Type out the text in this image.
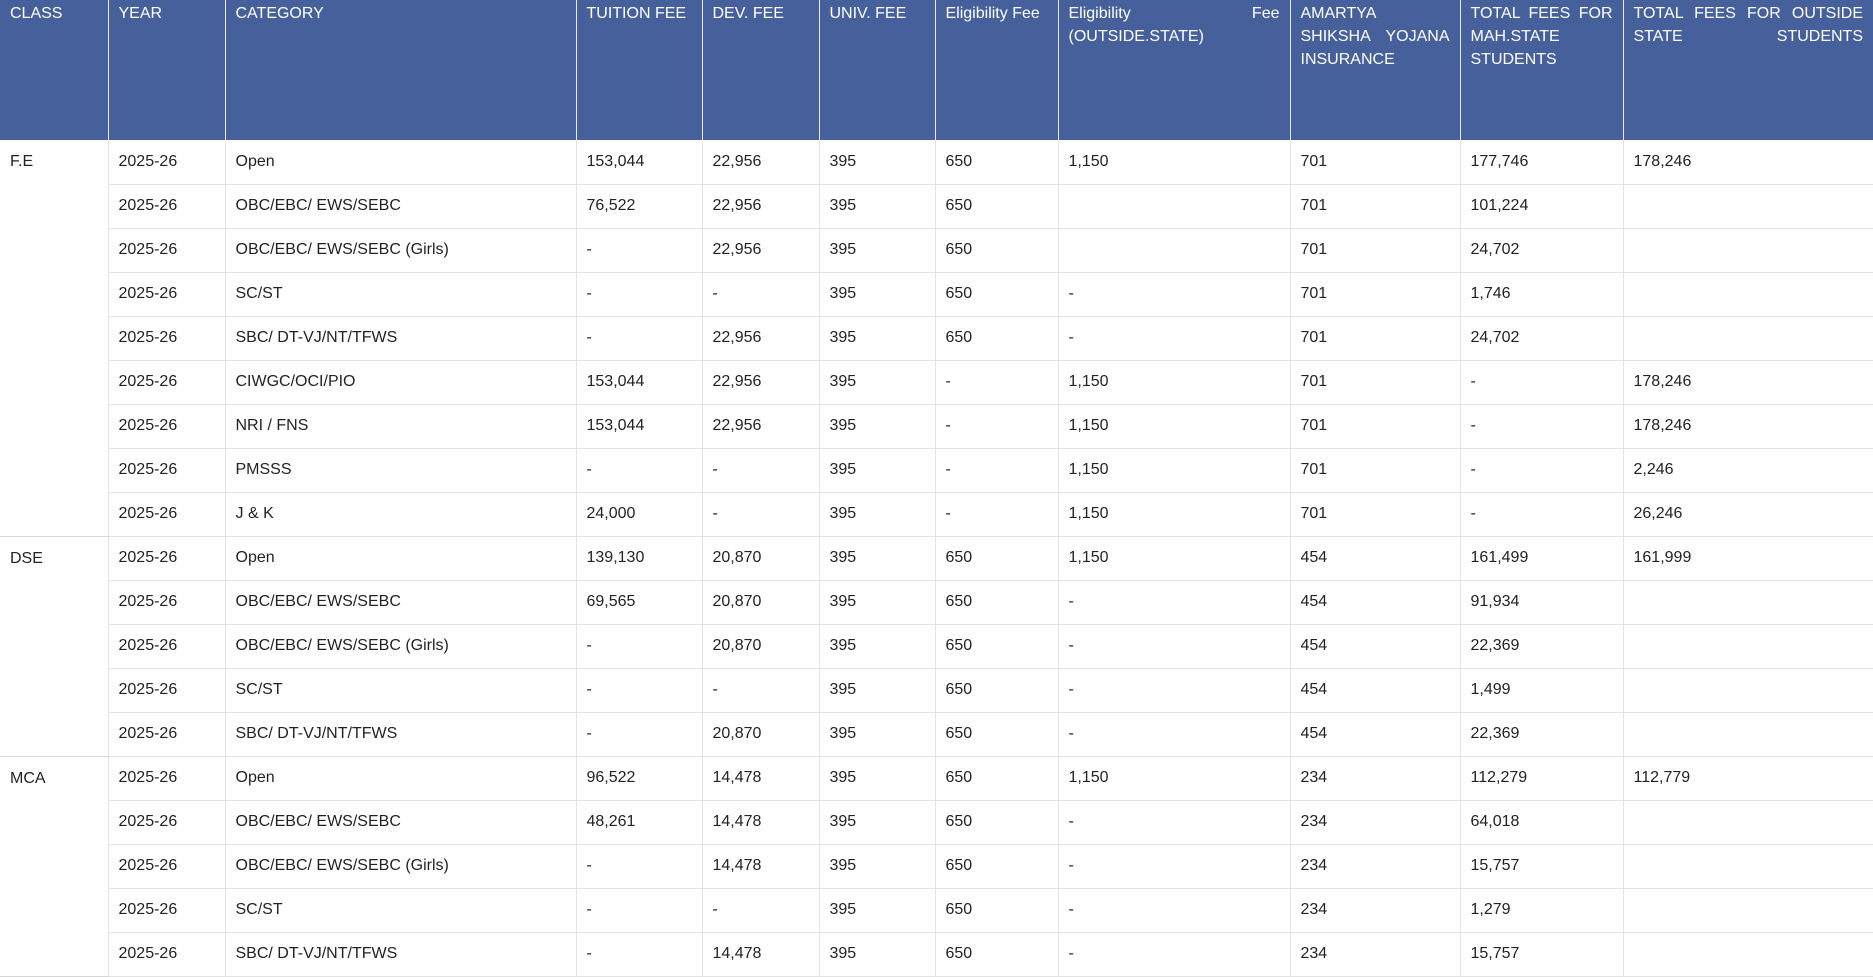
CLASS	YEAR	CATEGORY	TUITION FEE	DEV. FEE	UNIV. FEE	Eligibility Fee	Eligibility Fee (OUTSIDE.STATE)	AMARTYA SHIKSHA YOJANA INSURANCE	TOTAL FEES FOR MAH.STATE STUDENTS	TOTAL FEES FOR OUTSIDE STATE STUDENTS
F.E	2025-26	Open	153,044	22,956	395	650	1,150	701	177,746	178,246
	2025-26	OBC/EBC/ EWS/SEBC	76,522	22,956	395	650		701	101,224	
	2025-26	OBC/EBC/ EWS/SEBC (Girls)	-	22,956	395	650		701	24,702	
	2025-26	SC/ST	-	-	395	650	-	701	1,746	
	2025-26	SBC/ DT-VJ/NT/TFWS	-	22,956	395	650	-	701	24,702	
	2025-26	CIWGC/OCI/PIO	153,044	22,956	395	-	1,150	701	-	178,246
	2025-26	NRI / FNS	153,044	22,956	395	-	1,150	701	-	178,246
	2025-26	PMSSS	-	-	395	-	1,150	701	-	2,246
	2025-26	J & K	24,000	-	395	-	1,150	701	-	26,246
DSE	2025-26	Open	139,130	20,870	395	650	1,150	454	161,499	161,999
	2025-26	OBC/EBC/ EWS/SEBC	69,565	20,870	395	650	-	454	91,934	
	2025-26	OBC/EBC/ EWS/SEBC (Girls)	-	20,870	395	650	-	454	22,369	
	2025-26	SC/ST	-	-	395	650	-	454	1,499	
	2025-26	SBC/ DT-VJ/NT/TFWS	-	20,870	395	650	-	454	22,369	
MCA	2025-26	Open	96,522	14,478	395	650	1,150	234	112,279	112,779
	2025-26	OBC/EBC/ EWS/SEBC	48,261	14,478	395	650	-	234	64,018	
	2025-26	OBC/EBC/ EWS/SEBC (Girls)	-	14,478	395	650	-	234	15,757	
	2025-26	SC/ST	-	-	395	650	-	234	1,279	
	2025-26	SBC/ DT-VJ/NT/TFWS	-	14,478	395	650	-	234	15,757	
